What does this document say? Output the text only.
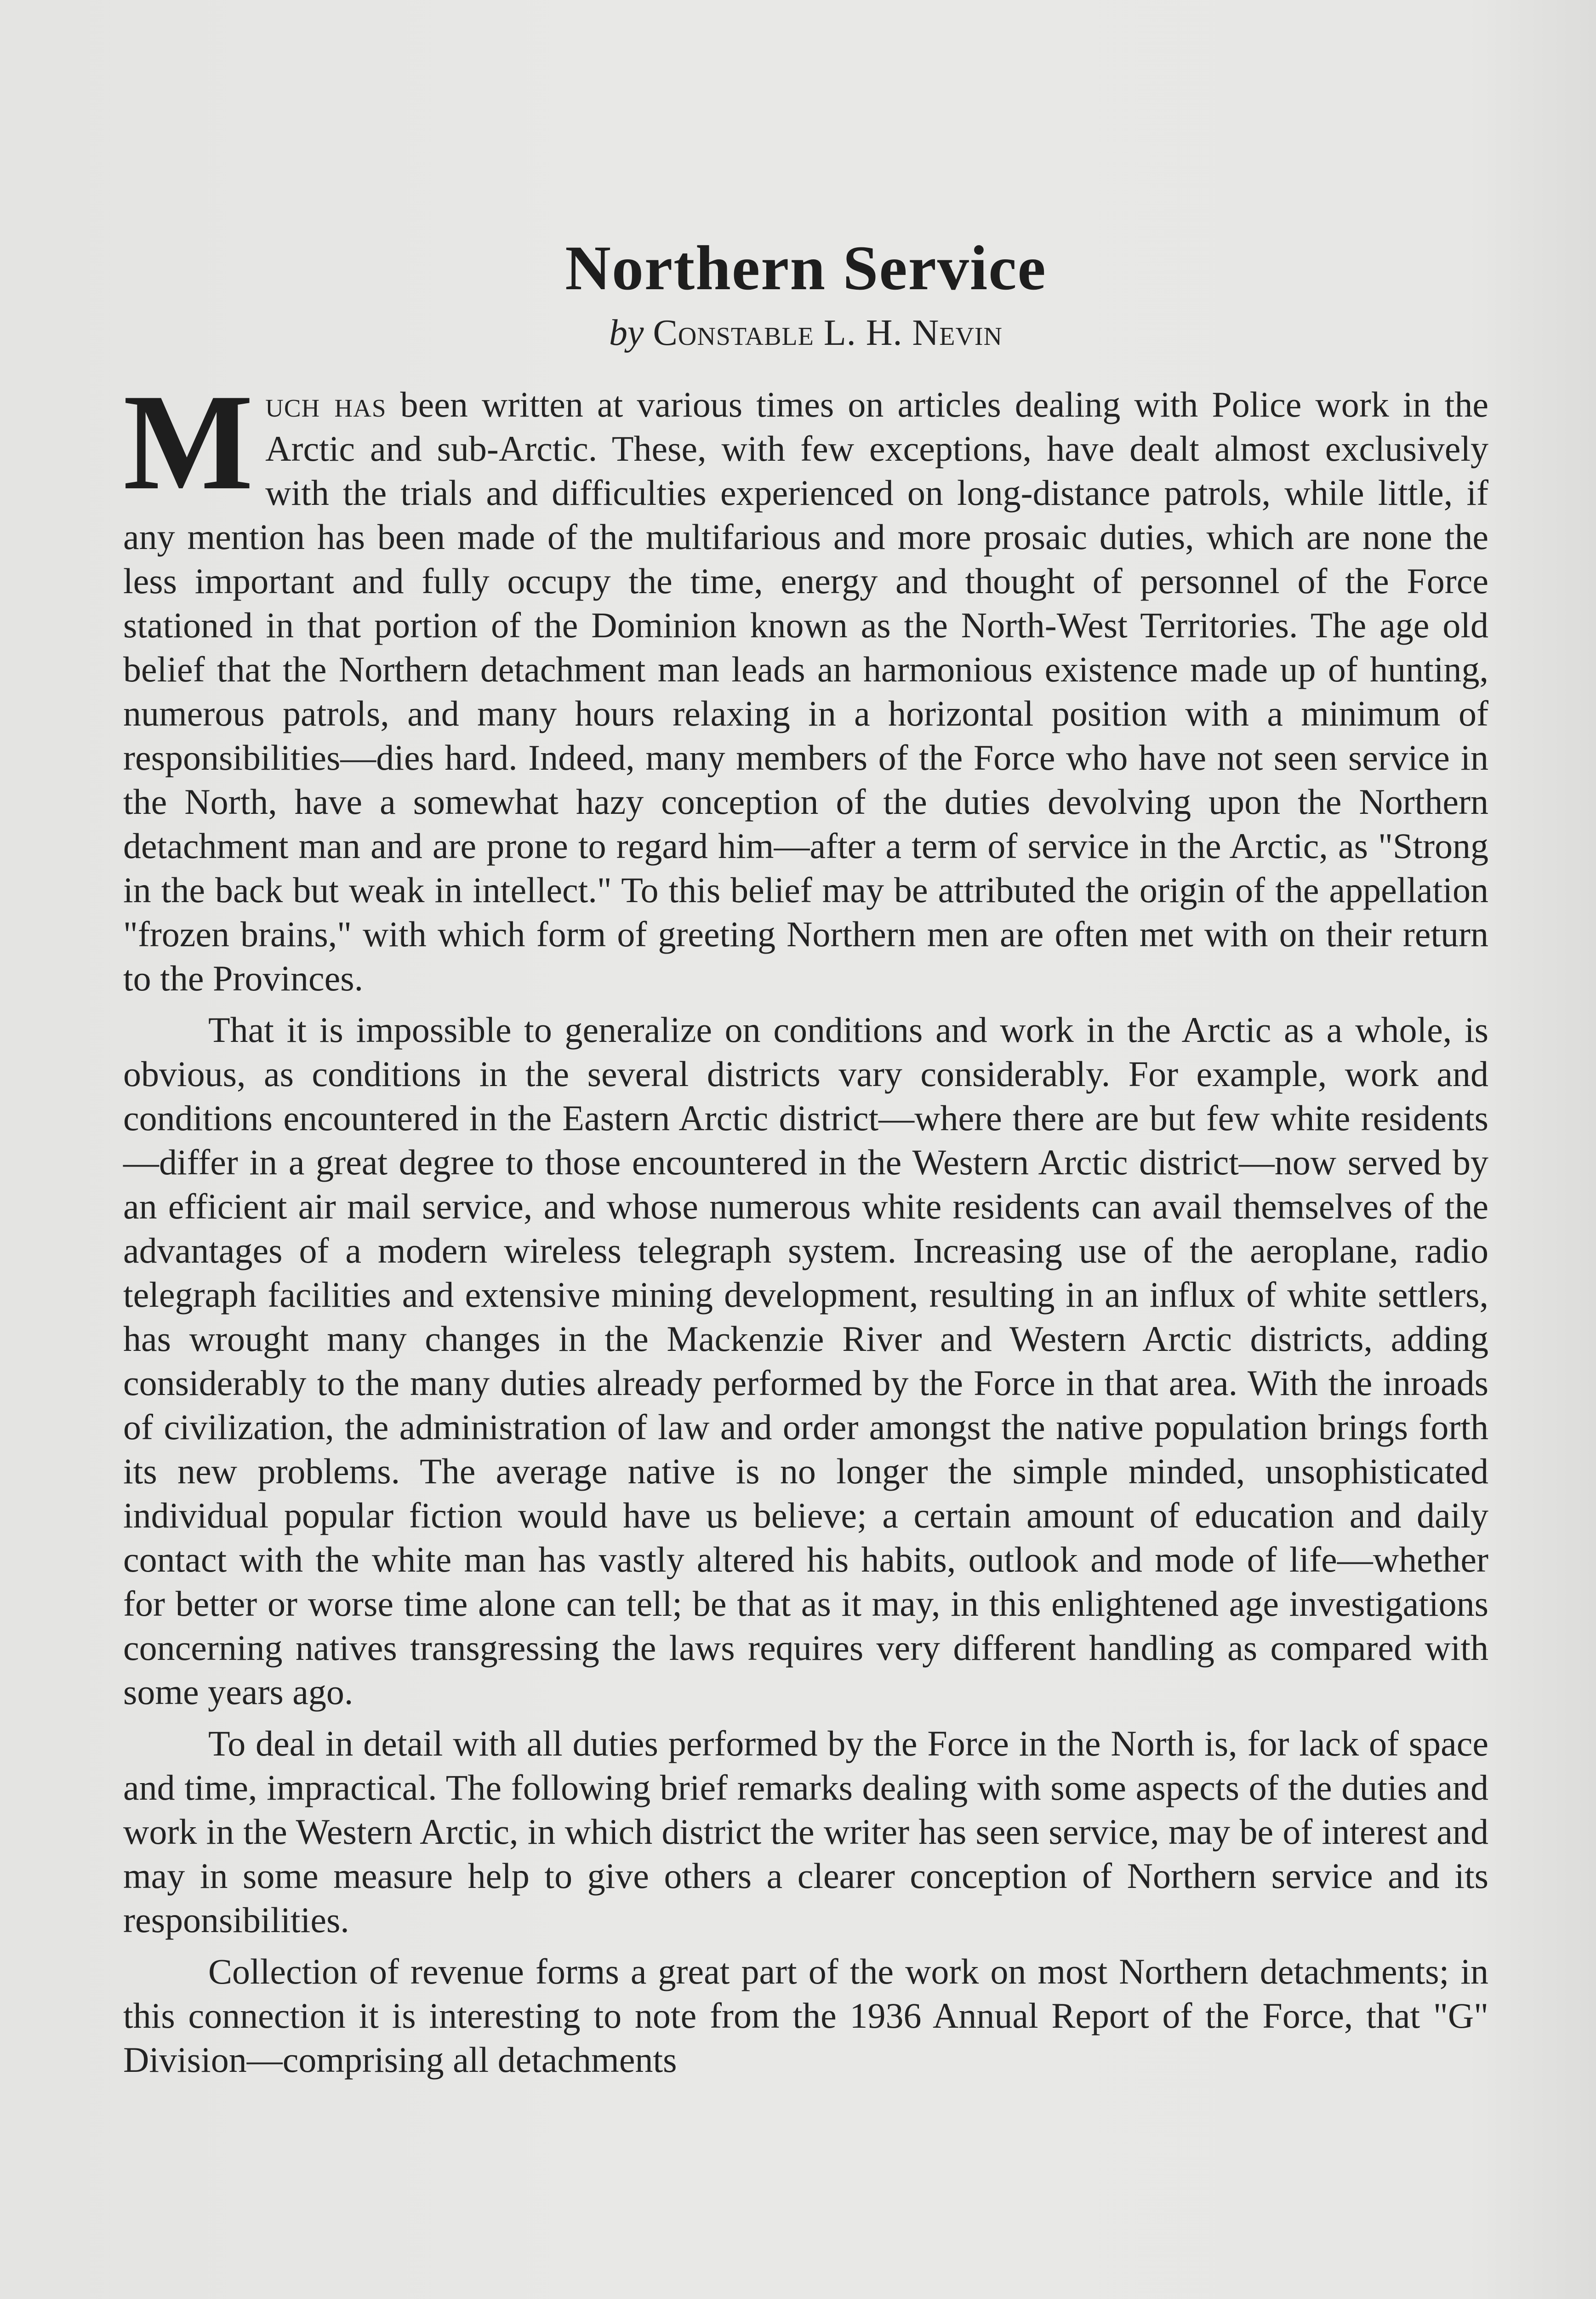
Northern Service
by Constable L. H. Nevin

Much has been written at various times on articles dealing with Police work in the Arctic and sub-Arctic. These, with few exceptions, have dealt almost exclusively with the trials and difficulties experienced on long-distance patrols, while little, if any mention has been made of the multifarious and more prosaic duties, which are none the less important and fully occupy the time, energy and thought of personnel of the Force stationed in that portion of the Dominion known as the North-West Territories. The age old belief that the Northern detachment man leads an harmonious existence made up of hunting, numerous patrols, and many hours relaxing in a horizontal position with a minimum of responsibilities—dies hard. Indeed, many members of the Force who have not seen service in the North, have a somewhat hazy conception of the duties devolving upon the Northern detachment man and are prone to regard him—after a term of service in the Arctic, as "Strong in the back but weak in intellect." To this belief may be attributed the origin of the appellation "frozen brains," with which form of greeting Northern men are often met with on their return to the Provinces.

That it is impossible to generalize on conditions and work in the Arctic as a whole, is obvious, as conditions in the several districts vary considerably. For example, work and conditions encountered in the Eastern Arctic district—where there are but few white residents—differ in a great degree to those encountered in the Western Arctic district—now served by an efficient air mail service, and whose numerous white residents can avail themselves of the advantages of a modern wireless telegraph system. Increasing use of the aeroplane, radio telegraph facilities and extensive mining development, resulting in an influx of white settlers, has wrought many changes in the Mackenzie River and Western Arctic districts, adding considerably to the many duties already performed by the Force in that area. With the inroads of civilization, the administration of law and order amongst the native population brings forth its new problems. The average native is no longer the simple minded, unsophisticated individual popular fiction would have us believe; a certain amount of education and daily contact with the white man has vastly altered his habits, outlook and mode of life—whether for better or worse time alone can tell; be that as it may, in this enlightened age investigations concerning natives transgressing the laws requires very different handling as compared with some years ago.

To deal in detail with all duties performed by the Force in the North is, for lack of space and time, impractical. The following brief remarks dealing with some aspects of the duties and work in the Western Arctic, in which district the writer has seen service, may be of interest and may in some measure help to give others a clearer conception of Northern service and its responsibilities.

Collection of revenue forms a great part of the work on most Northern detachments; in this connection it is interesting to note from the 1936 Annual Report of the Force, that "G" Division—comprising all detachments
